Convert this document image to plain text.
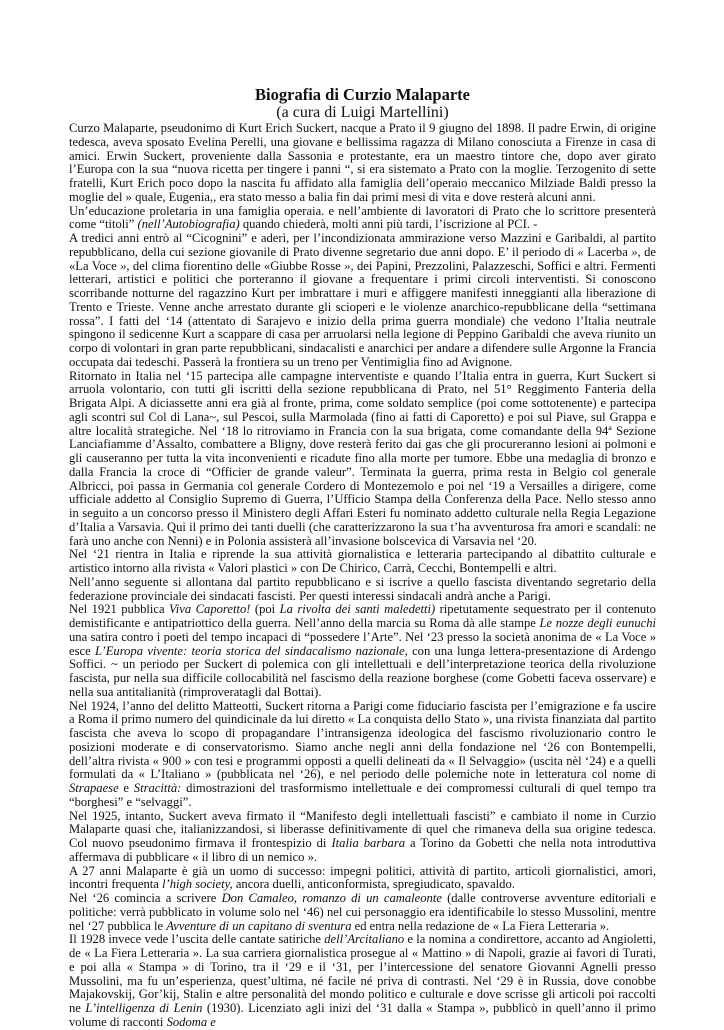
Biografia di Curzio Malaparte
(a cura di Luigi Martellini)

Curzo Malaparte, pseudonimo di Kurt Erich Suckert, nacque a Prato il 9 giugno del 1898. Il padre Erwin, di origine tedesca, aveva sposato Evelina Perelli, una giovane e bellissima ragazza di Milano conosciuta a Firenze in casa di amici. Erwin Suckert, proveniente dalla Sassonia e protestante, era un maestro tintore che, dopo aver girato l’Europa con la sua “nuova ricetta per tingere i panni “, si era sistemato a Prato con la moglie. Terzogenito di sette fratelli, Kurt Erich poco dopo la nascita fu affidato alla famiglia dell’operaio meccanico Milziade Baldi presso la moglie del » quale, Eugenia,, era stato messo a balia fin dai primi mesi di vita e dove resterà alcuni anni.

Un’educazione proletaria in una famiglia operaia. e nell’ambiente di lavoratori di Prato che lo scrittore presenterà come “titoli” (nell’Autobiografia) quando chiederà, molti anni più tardi, l’iscrizione al PCI. -

A tredici anni entrò al “Cicognini” e aderì, per l’incondizionata ammirazione verso Mazzini e Garibaldi, al partito repubblicano, della cui sezione giovanile di Prato divenne segretario due anni dopo. E’ il periodo di « Lacerba », de «La Voce », del clima fiorentino delle «Giubbe Rosse », dei Papini, Prezzolini, Palazzeschi, Soffici e altri. Fermenti letterari, artistici e politici che porteranno il giovane a frequentare i primi circoli interventisti. Si conoscono scorribande notturne del ragazzino Kurt per imbrattare i muri e affiggere manifesti inneggianti alla liberazione di Trento e Trieste. Venne anche arrestato durante gli scioperi e le violenze anarchico-repubblicane della “settimana rossa”. I fatti del ‘14 (attentato di Sarajevo e inizio della prima guerra mondiale) che vedono l’Italia neutrale spingono il sedicenne Kurt a scappare di casa per arruolarsi nella legione di Peppino Garibaldi che aveva riunito un corpo di volontari in gran parte repubblicani, sindacalisti e anarchici per andare a difendere sulle Argonne la Francia occupata dai tedeschi. Passerà la frontiera su un treno per Ventimiglia fino ad Avignone.

Ritornato in Italia nel ‘15 partecipa alle campagne interventiste e quando l’Italia entra in guerra, Kurt Suckert si arruola volontario, con tutti gli iscritti della sezione repubblicana di Prato, nel 51° Reggimento Fanteria della Brigata Alpi. A diciassette anni era già al fronte, prima, come soldato semplice (poi come sottotenente) e partecipa agli scontri sul Col di Lana~, sul Pescoi, sulla Marmolada (fino ai fatti di Caporetto) e poi sul Piave, sul Grappa e altre località strategiche. Nel ‘18 lo ritroviamo in Francia con la sua brigata, come comandante della 94ª Sezione Lanciafiamme d’Assalto, combattere a Bligny, dove resterà ferito dai gas che gli procureranno lesioni ai polmoni e gli causeranno per tutta la vita inconvenienti e ricadute fino alla morte per tumore. Ebbe una medaglia di bronzo e dalla Francia la croce di “Officier de grande valeur”. Terminata la guerra, prima resta in Belgio col generale Albricci, poi passa in Germania col generale Cordero di Montezemolo e poi nel ‘19 a Versailles a dirigere, come ufficiale addetto al Consiglio Supremo di Guerra, l’Ufficio Stampa della Conferenza della Pace. Nello stesso anno in seguito a un concorso presso il Ministero degli Affari Esteri fu nominato addetto culturale nella Regia Legazione d’Italia a Varsavia. Qui il primo dei tanti duelli (che caratterizzarono la sua t’ha avventurosa fra amori e scandali: ne farà uno anche con Nenni) e in Polonia assisterà all’invasione bolscevica di Varsavia nel ‘20.

Nel ‘21 rientra in Italia e riprende la sua attività giornalistica e letteraria partecipando al dibattito culturale e artistico intorno alla rivista « Valori plastici » con De Chirico, Carrà, Cecchi, Bontempelli e altri.

Nell’anno seguente si allontana dal partito repubblicano e si iscrive a quello fascista diventando segretario della federazione provinciale dei sindacati fascisti. Per questi interessi sindacali andrà anche a Parigi.

Nel 1921 pubblica Viva Caporetto! (poi La rivolta dei santi maledetti) ripetutamente sequestrato per il contenuto demistificante e antipatriottico della guerra. Nell’anno della marcia su Roma dà alle stampe Le nozze degli eunuchi una satira contro i poeti del tempo incapaci di “possedere l’Arte”. Nel ‘23 presso la società anonima de « La Voce » esce L’Europa vivente: teoria storica del sindacalismo nazionale, con una lunga lettera-presentazione di Ardengo Soffici. ~ un periodo per Suckert di polemica con gli intellettuali e dell’interpretazione teorica della rivoluzione fascista, pur nella sua difficile collocabilità nel fascismo della reazione borghese (come Gobetti faceva osservare) e nella sua antitalianità (rimproveratagli dal Bottai).

Nel 1924, l’anno del delitto Matteotti, Suckert ritorna a Parigi come fiduciario fascista per l’emigrazione e fa uscire a Roma il primo numero del quindicinale da lui diretto « La conquista dello Stato », una rivista finanziata dal partito fascista che aveva lo scopo di propagandare l’intransigenza ideologica del fascismo rivoluzionario contro le posizioni moderate e di conservatorismo. Siamo anche negli anni della fondazione nel ‘26 con Bontempelli, dell’altra rivista « 900 » con tesi e programmi opposti a quelli delineati da « Il Selvaggio» (uscita nèl ‘24) e a quelli formulati da « L’Italiano » (pubblicata nel ‘26), e nel periodo delle polemiche note in letteratura col nome di Strapaese e Stracittà: dimostrazioni del trasformismo intellettuale e dei compromessi culturali di quel tempo tra “borghesi” e “selvaggi”.

Nel 1925, intanto, Suckert aveva firmato il “Manifesto degli intellettuali fascisti” e cambiato il nome in Curzio Malaparte quasi che, italianizzandosi, si liberasse definitivamente di quel che rimaneva della sua origine tedesca. Col nuovo pseudonimo firmava il frontespizio di Italia barbara a Torino da Gobetti che nella nota introduttiva affermava di pubblicare « il libro di un nemico ».

A 27 anni Malaparte è già un uomo di successo: impegni politici, attività di partito, articoli giornalistici, amori, incontri frequenta l’high society, ancora duelli, anticonformista, spregiudicato, spavaldo.

Nel ‘26 comincia a scrivere Don Camaleo, romanzo di un camaleonte (dalle controverse avventure editoriali e politiche: verrà pubblicato in volume solo nel ‘46) nel cui personaggio era identificabile lo stesso Mussolini, mentre nel ‘27 pubblica le Avventure di un capitano di sventura ed entra nella redazione de « La Fiera Letteraria ».

Il 1928 invece vede l’uscita delle cantate satiriche dell’Arcitaliano e la nomina a condirettore, accanto ad Angioletti, de « La Fiera Letteraria ». La sua carriera giornalistica prosegue al « Mattino » di Napoli, grazie ai favori di Turati, e poi alla « Stampa » di Torino, tra il ‘29 e il ‘31, per l’intercessione del senatore Giovanni Agnelli presso Mussolini, ma fu un’esperienza, quest’ultima, né facile né priva di contrasti. Nel ‘29 è in Russia, dove conobbe Majakovskij, Gor’kij, Stalin e altre personalità del mondo politico e culturale e dove scrisse gli articoli poi raccolti ne L’intelligenza di Lenin (1930). Licenziato agli inizi del ‘31 dalla « Stampa », pubblicò in quell’anno il primo volume di racconti Sodoma e
